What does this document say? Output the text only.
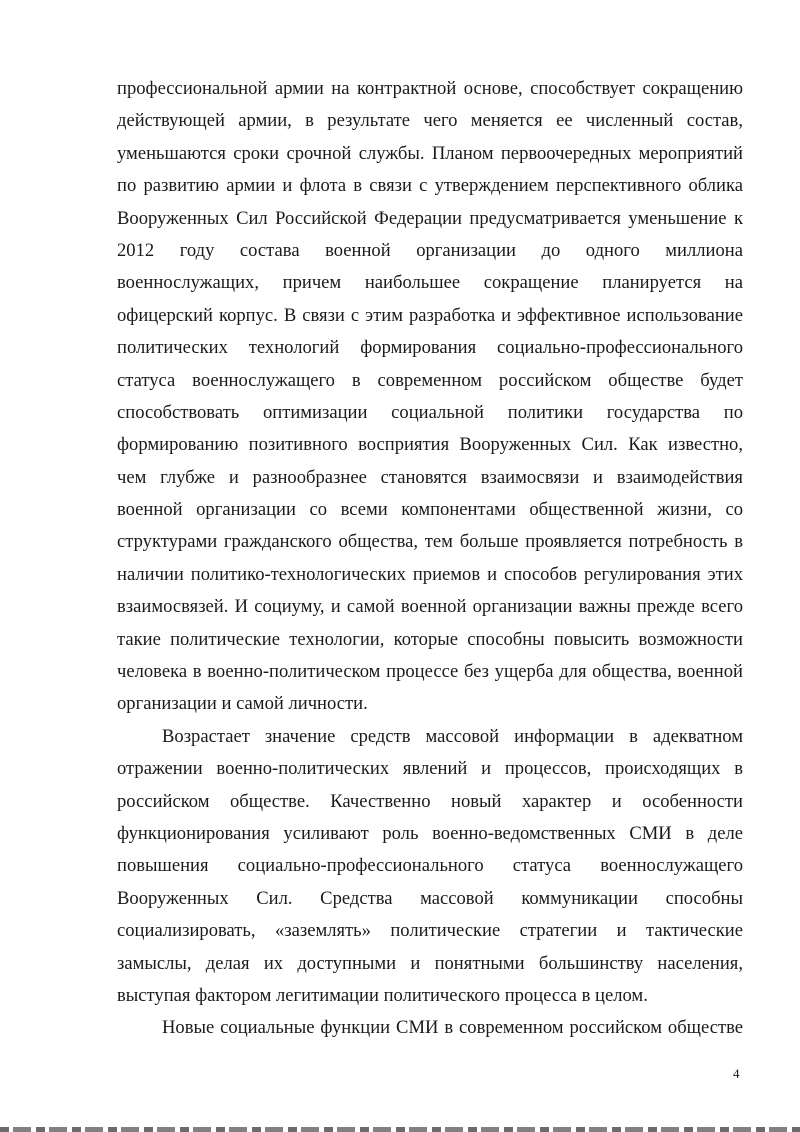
профессиональной армии на контрактной основе, способствует сокращению
действующей армии, в результате чего меняется ее численный состав,
уменьшаются сроки срочной службы. Планом первоочередных мероприятий
по развитию армии и флота в связи с утверждением перспективного облика
Вооруженных Сил Российской Федерации предусматривается уменьшение к
2012 году состава военной организации до одного миллиона
военнослужащих, причем наибольшее сокращение планируется на
офицерский корпус. В связи с этим разработка и эффективное использование
политических технологий формирования социально-профессионального
статуса военнослужащего в современном российском обществе будет
способствовать оптимизации социальной политики государства по
формированию позитивного восприятия Вооруженных Сил. Как известно,
чем глубже и разнообразнее становятся взаимосвязи и взаимодействия
военной организации со всеми компонентами общественной жизни, со
структурами гражданского общества, тем больше проявляется потребность в
наличии политико-технологических приемов и способов регулирования этих
взаимосвязей. И социуму, и самой военной организации важны прежде всего
такие политические технологии, которые способны повысить возможности
человека в военно-политическом процессе без ущерба для общества, военной
организации и самой личности.
Возрастает значение средств массовой информации в адекватном
отражении военно-политических явлений и процессов, происходящих в
российском обществе. Качественно новый характер и особенности
функционирования усиливают роль военно-ведомственных СМИ в деле
повышения социально-профессионального статуса военнослужащего
Вооруженных Сил. Средства массовой коммуникации способны
социализировать, «заземлять» политические стратегии и тактические
замыслы, делая их доступными и понятными большинству населения,
выступая фактором легитимации политического процесса в целом.
Новые социальные функции СМИ в современном российском обществе
4
